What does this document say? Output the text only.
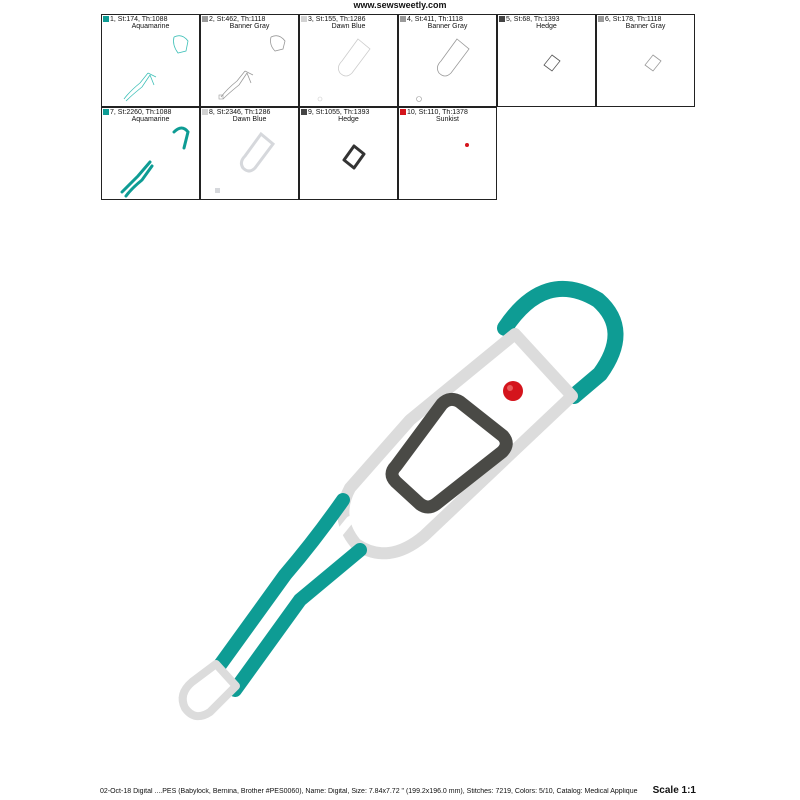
www.sewsweetly.com
1, St:174, Th:1088
Aquamarine
2, St:462, Th:1118
Banner Gray
3, St:155, Th:1286
Dawn Blue
4, St:411, Th:1118
Banner Gray
5, St:68, Th:1393
Hedge
6, St:178, Th:1118
Banner Gray
7, St:2260, Th:1088
Aquamarine
8, St:2346, Th:1286
Dawn Blue
9, St:1055, Th:1393
Hedge
10, St:110, Th:1378
Sunkist
02-Oct-18 Digital ....PES (Babylock, Bernina, Brother #PES0060), Name: Digital, Size: 7.84x7.72 " (199.2x196.0 mm), Stitches: 7219, Colors: 5/10, Catalog: Medical Applique	Scale 1:1
